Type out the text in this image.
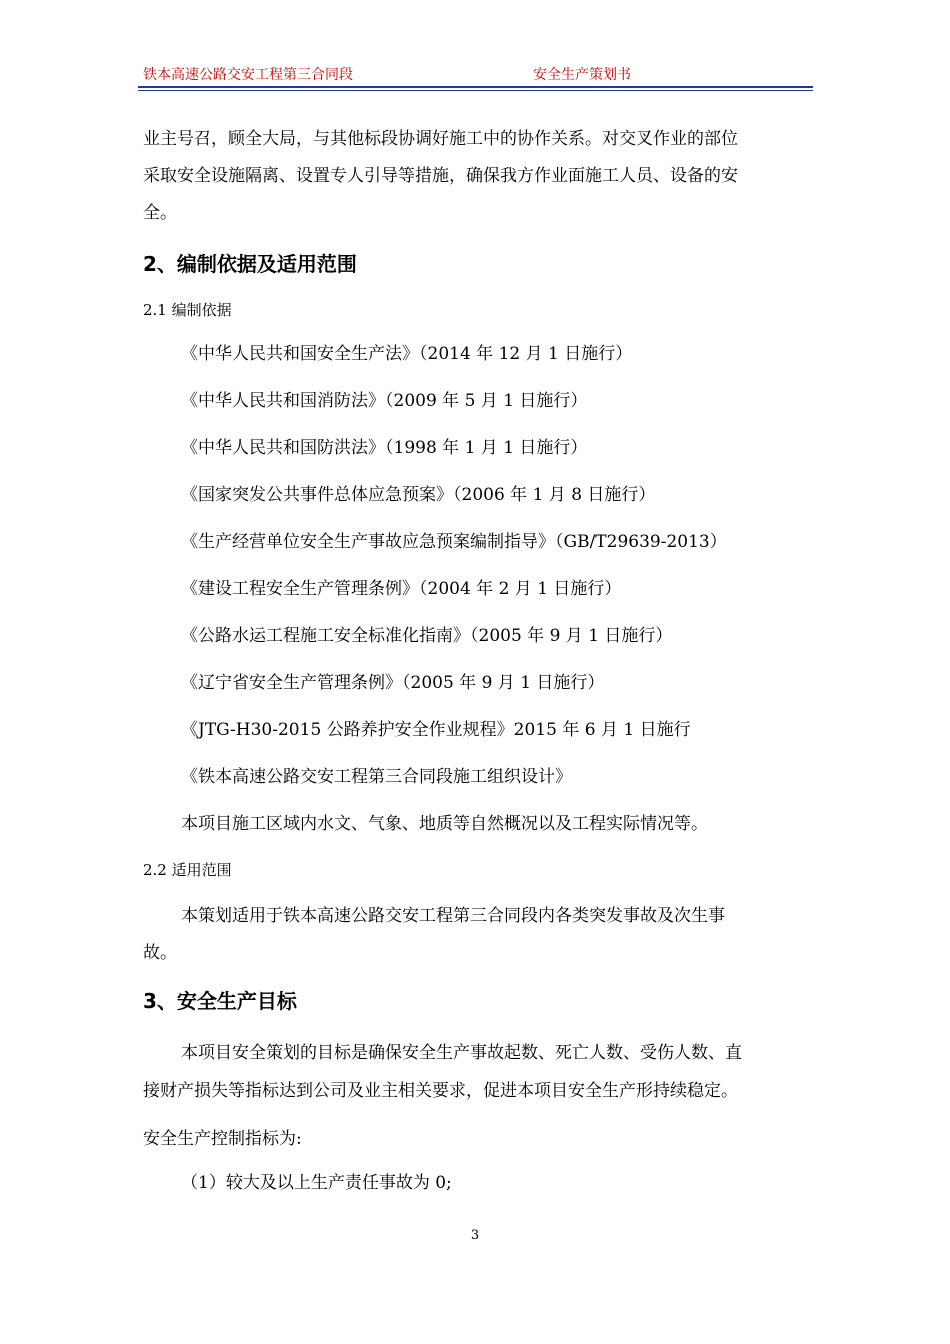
铁本高速公路交安工程第三合同段	安全生产策划书
业主号召，顾全大局，与其他标段协调好施工中的协作关系。对交叉作业的部位
采取安全设施隔离、设置专人引导等措施，确保我方作业面施工人员、设备的安
全。
2、编制依据及适用范围
2.1 编制依据
《中华人民共和国安全生产法》（2014 年 12 月 1 日施行）
《中华人民共和国消防法》（2009 年 5 月 1 日施行）
《中华人民共和国防洪法》（1998 年 1 月 1 日施行）
《国家突发公共事件总体应急预案》（2006 年 1 月 8 日施行）
《生产经营单位安全生产事故应急预案编制指导》（GB/T29639-2013）
《建设工程安全生产管理条例》（2004 年 2 月 1 日施行）
《公路水运工程施工安全标准化指南》（2005 年 9 月 1 日施行）
《辽宁省安全生产管理条例》（2005 年 9 月 1 日施行）
《JTG-H30-2015 公路养护安全作业规程》2015 年 6 月 1 日施行
《铁本高速公路交安工程第三合同段施工组织设计》
本项目施工区域内水文、气象、地质等自然概况以及工程实际情况等。
2.2 适用范围
本策划适用于铁本高速公路交安工程第三合同段内各类突发事故及次生事
故。
3、安全生产目标
本项目安全策划的目标是确保安全生产事故起数、死亡人数、受伤人数、直
接财产损失等指标达到公司及业主相关要求，促进本项目安全生产形持续稳定。
安全生产控制指标为:
（1）较大及以上生产责任事故为 0;
3
